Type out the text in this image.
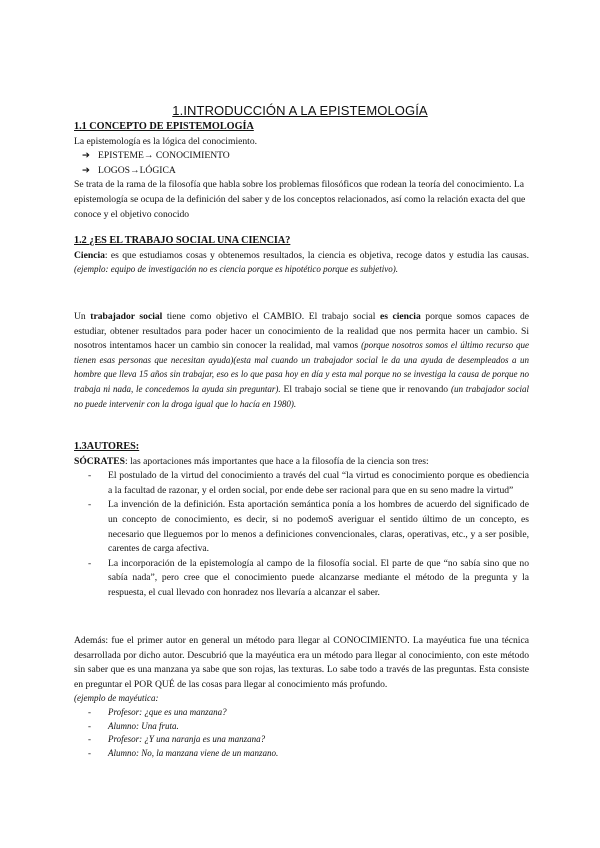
1.INTRODUCCIÓN A LA EPISTEMOLOGÍA
1.1 CONCEPTO DE EPISTEMOLOGÍA
La epistemología es la lógica del conocimiento.
➔ EPISTEME→ CONOCIMIENTO
➔ LOGOS→LÓGICA
Se trata de la rama de la filosofía que habla sobre los problemas filosóficos que rodean la teoría del conocimiento. La epistemología se ocupa de la definición del saber y de los conceptos relacionados, así como la relación exacta del que conoce y el objetivo conocido
1.2 ¿ES EL TRABAJO SOCIAL UNA CIENCIA?
Ciencia: es que estudiamos cosas y obtenemos resultados, la ciencia es objetiva, recoge datos y estudia las causas. (ejemplo: equipo de investigación no es ciencia porque es hipotético porque es subjetivo).
Un trabajador social tiene como objetivo el CAMBIO. El trabajo social es ciencia porque somos capaces de estudiar, obtener resultados para poder hacer un conocimiento de la realidad que nos permita hacer un cambio. Si nosotros intentamos hacer un cambio sin conocer la realidad, mal vamos (porque nosotros somos el último recurso que tienen esas personas que necesitan ayuda)(esta mal cuando un trabajador social le da una ayuda de desempleados a un hombre que lleva 15 años sin trabajar, eso es lo que pasa hoy en día y esta mal porque no se investiga la causa de porque no trabaja ni nada, le concedemos la ayuda sin preguntar). El trabajo social se tiene que ir renovando (un trabajador social no puede intervenir con la droga igual que lo hacía en 1980).
1.3AUTORES:
SÓCRATES: las aportaciones más importantes que hace a la filosofía de la ciencia son tres:
- El postulado de la virtud del conocimiento a través del cual “la virtud es conocimiento porque es obediencia a la facultad de razonar, y el orden social, por ende debe ser racional para que en su seno madre la virtud”
- La invención de la definición. Esta aportación semántica ponía a los hombres de acuerdo del significado de un concepto de conocimiento, es decir, si no podemoS averiguar el sentido último de un concepto, es necesario que lleguemos por lo menos a definiciones convencionales, claras, operativas, etc., y a ser posible, carentes de carga afectiva.
- La incorporación de la epistemología al campo de la filosofía social. El parte de que “no sabía sino que no sabía nada”, pero cree que el conocimiento puede alcanzarse mediante el método de la pregunta y la respuesta, el cual llevado con honradez nos llevaría a alcanzar el saber.
Además: fue el primer autor en general un método para llegar al CONOCIMIENTO. La mayéutica fue una técnica desarrollada por dicho autor. Descubrió que la mayéutica era un método para llegar al conocimiento, con este método sin saber que es una manzana ya sabe que son rojas, las texturas. Lo sabe todo a través de las preguntas. Esta consiste en preguntar el POR QUÉ de las cosas para llegar al conocimiento más profundo.
(ejemplo de mayéutica:
- Profesor: ¿que es una manzana?
- Alumno: Una fruta.
- Profesor: ¿Y una naranja es una manzana?
- Alumno: No, la manzana viene de un manzano.
